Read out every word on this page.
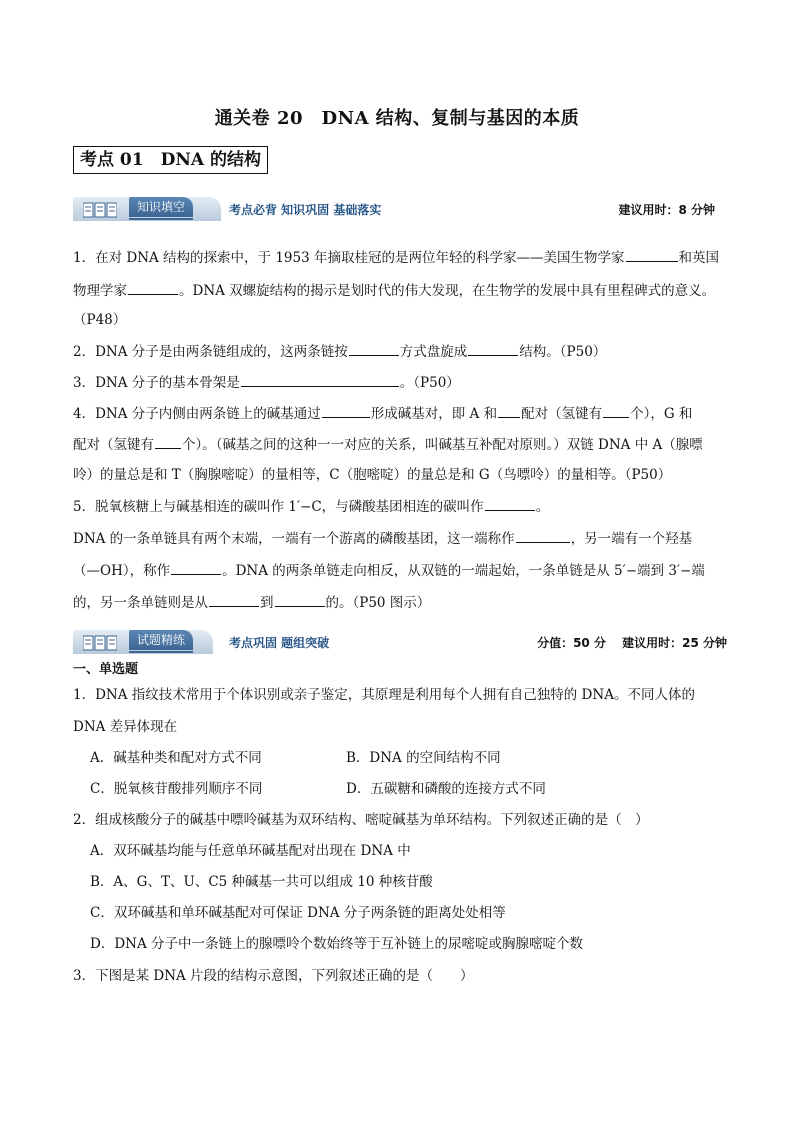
通关卷 20　DNA 结构、复制与基因的本质
考点 01　DNA 的结构
知识填空	考点必背 知识巩固 基础落实	建议用时：8 分钟
1．在对 DNA 结构的探索中，于 1953 年摘取桂冠的是两位年轻的科学家——美国生物学家	和英国
物理学家	。DNA 双螺旋结构的揭示是划时代的伟大发现，在生物学的发展中具有里程碑式的意义。
（P48）
2．DNA 分子是由两条链组成的，这两条链按	方式盘旋成	结构。（P50）
3．DNA 分子的基本骨架是	。（P50）
4．DNA 分子内侧由两条链上的碱基通过	形成碱基对，即 A 和 配对（氢键有 个），G 和
配对（氢键有 个）。（碱基之间的这种一一对应的关系，叫碱基互补配对原则。）双链 DNA 中 A（腺嘌
呤）的量总是和 T（胸腺嘧啶）的量相等，C（胞嘧啶）的量总是和 G（鸟嘌呤）的量相等。（P50）
5．脱氧核糖上与碱基相连的碳叫作 1′−C，与磷酸基团相连的碳叫作	。
DNA 的一条单链具有两个末端，一端有一个游离的磷酸基团，这一端称作	，另一端有一个羟基
（—OH），称作	。DNA 的两条单链走向相反，从双链的一端起始，一条单链是从 5′−端到 3′−端
的，另一条单链则是从	到	的。（P50 图示）
试题精练	考点巩固 题组突破	分值：50 分　 建议用时：25 分钟
一、单选题
1．DNA 指纹技术常用于个体识别或亲子鉴定，其原理是利用每个人拥有自己独特的 DNA。不同人体的
DNA 差异体现在
A．碱基种类和配对方式不同	B．DNA 的空间结构不同
C．脱氧核苷酸排列顺序不同	D．五碳糖和磷酸的连接方式不同
2．组成核酸分子的碱基中嘌呤碱基为双环结构、嘧啶碱基为单环结构。下列叙述正确的是（　）
A．双环碱基均能与任意单环碱基配对出现在 DNA 中
B．A、G、T、U、C5 种碱基一共可以组成 10 种核苷酸
C．双环碱基和单环碱基配对可保证 DNA 分子两条链的距离处处相等
D．DNA 分子中一条链上的腺嘌呤个数始终等于互补链上的尿嘧啶或胸腺嘧啶个数
3．下图是某 DNA 片段的结构示意图，下列叙述正确的是（　　）
